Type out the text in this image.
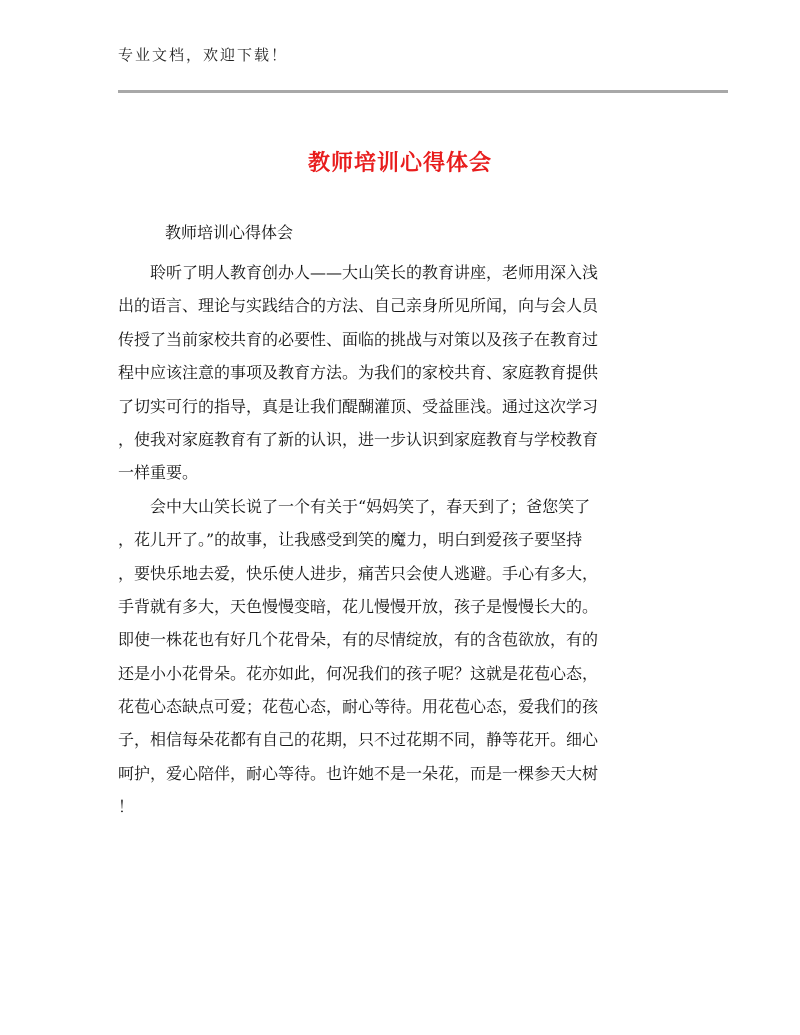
专业文档，欢迎下载！
教师培训心得体会
教师培训心得体会
　　聆听了明人教育创办人——大山笑长的教育讲座，老师用深入浅
出的语言、理论与实践结合的方法、自己亲身所见所闻，向与会人员
传授了当前家校共育的必要性、面临的挑战与对策以及孩子在教育过
程中应该注意的事项及教育方法。为我们的家校共育、家庭教育提供
了切实可行的指导，真是让我们醍醐灌顶、受益匪浅。通过这次学习
，使我对家庭教育有了新的认识，进一步认识到家庭教育与学校教育
一样重要。
　　会中大山笑长说了一个有关于“妈妈笑了，春天到了；爸您笑了
，花儿开了。”的故事，让我感受到笑的魔力，明白到爱孩子要坚持
，要快乐地去爱，快乐使人进步，痛苦只会使人逃避。手心有多大，
手背就有多大，天色慢慢变暗，花儿慢慢开放，孩子是慢慢长大的。
即使一株花也有好几个花骨朵，有的尽情绽放，有的含苞欲放，有的
还是小小花骨朵。花亦如此，何况我们的孩子呢？这就是花苞心态，
花苞心态缺点可爱；花苞心态，耐心等待。用花苞心态，爱我们的孩
子，相信每朵花都有自己的花期，只不过花期不同，静等花开。细心
呵护，爱心陪伴，耐心等待。也许她不是一朵花，而是一棵参天大树
！
